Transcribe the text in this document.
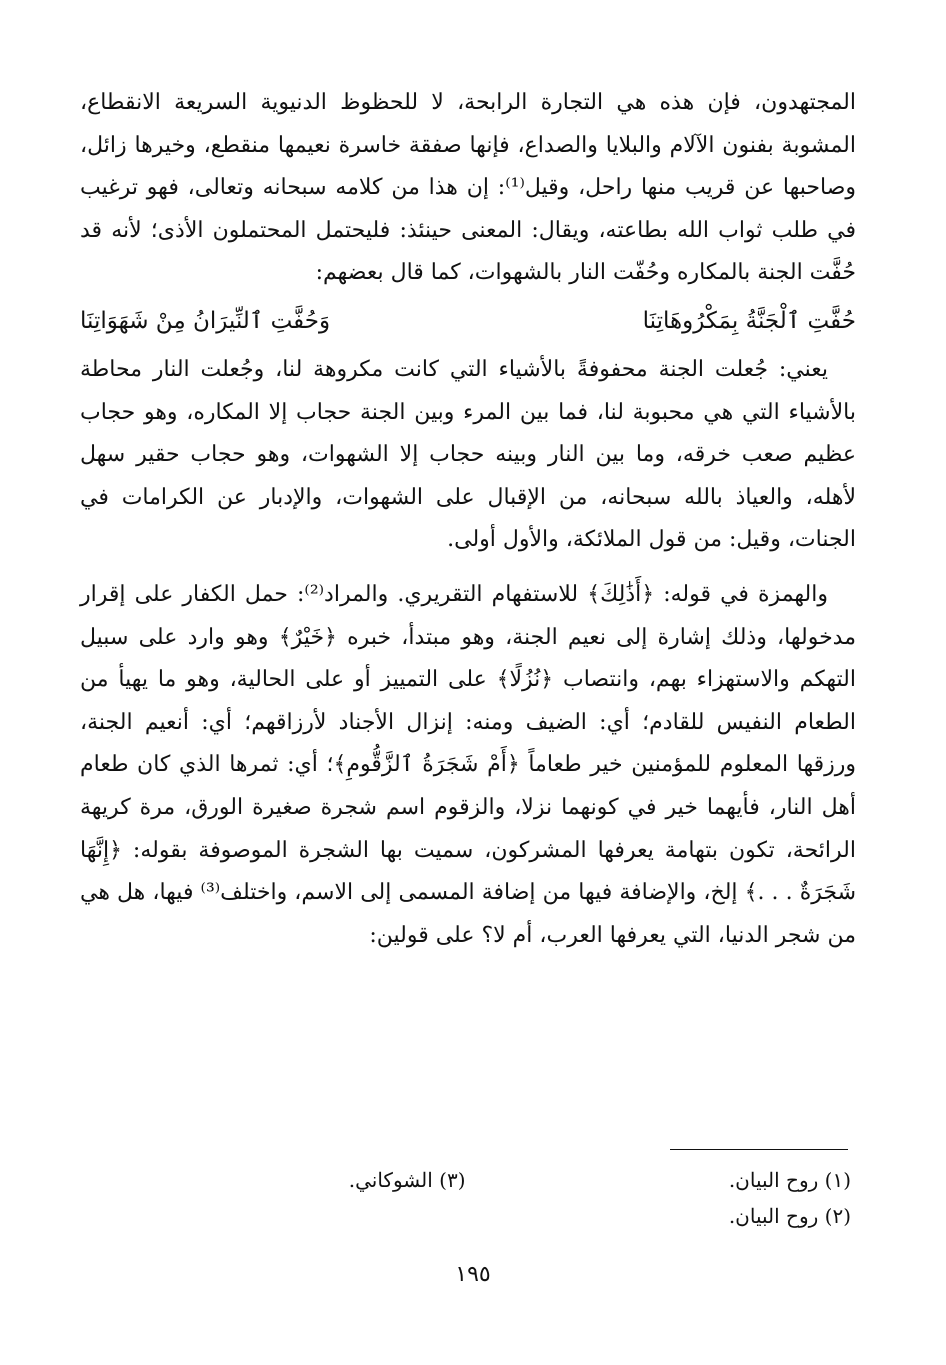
المجتهدون، فإن هذه هي التجارة الرابحة، لا للحظوظ الدنيوية السريعة الانقطاع، المشوبة بفنون الآلام والبلايا والصداع، فإنها صفقة خاسرة نعيمها منقطع، وخيرها زائل، وصاحبها عن قريب منها راحل، وقيل⁽¹⁾: إن هذا من كلامه سبحانه وتعالى، فهو ترغيب في طلب ثواب الله بطاعته، ويقال: المعنى حينئذ: فليحتمل المحتملون الأذى؛ لأنه قد حُفَّت الجنة بالمكاره وحُفّت النار بالشهوات، كما قال بعضهم:

حُفَّتِ ٱلْجَنَّةُ بِمَكْرُوهَاتِنَا
وَحُفَّتِ ٱلنِّيرَانُ مِنْ شَهَوَاتِنَا

يعني: جُعلت الجنة محفوفةً بالأشياء التي كانت مكروهة لنا، وجُعلت النار محاطة بالأشياء التي هي محبوبة لنا، فما بين المرء وبين الجنة حجاب إلا المكاره، وهو حجاب عظيم صعب خرقه، وما بين النار وبينه حجاب إلا الشهوات، وهو حجاب حقير سهل لأهله، والعياذ بالله سبحانه، من الإقبال على الشهوات، والإدبار عن الكرامات في الجنات، وقيل: من قول الملائكة، والأول أولى.

والهمزة في قوله: ﴿أَذَٰلِكَ﴾ للاستفهام التقريري. والمراد⁽²⁾: حمل الكفار على إقرار مدخولها، وذلك إشارة إلى نعيم الجنة، وهو مبتدأ، خبره ﴿خَيْرٌ﴾ وهو وارد على سبيل التهكم والاستهزاء بهم، وانتصاب ﴿نُزُلًا﴾ على التمييز أو على الحالية، وهو ما يهيأ من الطعام النفيس للقادم؛ أي: الضيف ومنه: إنزال الأجناد لأرزاقهم؛ أي: أنعيم الجنة، ورزقها المعلوم للمؤمنين خير طعاماً ﴿أَمْ شَجَرَةُ ٱلزَّقُّومِ﴾؛ أي: ثمرها الذي كان طعام أهل النار، فأيهما خير في كونهما نزلا، والزقوم اسم شجرة صغيرة الورق، مرة كريهة الرائحة، تكون بتهامة يعرفها المشركون، سميت بها الشجرة الموصوفة بقوله: ﴿إِنَّهَا شَجَرَةٌ . . .﴾ إلخ، والإضافة فيها من إضافة المسمى إلى الاسم، واختلف⁽³⁾ فيها، هل هي من شجر الدنيا، التي يعرفها العرب، أم لا؟ على قولين:

(١) روح البيان.
(٣) الشوكاني.
(٢) روح البيان.
١٩٥
